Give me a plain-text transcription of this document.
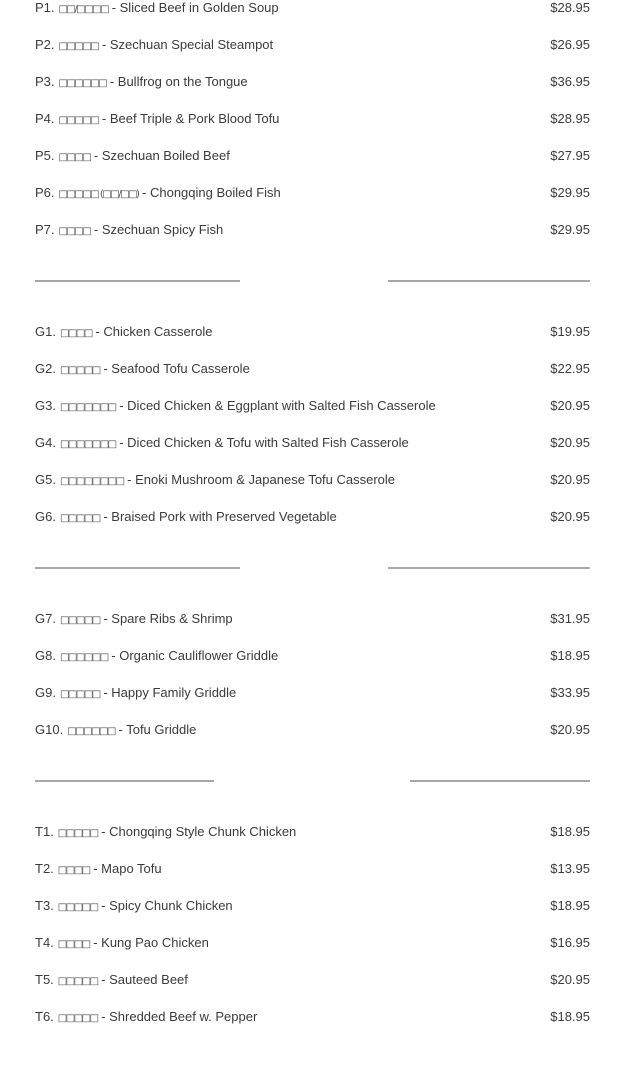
P1. □□/□□□□ - Sliced Beef in Golden Soup	$28.95
P2. □□□□□ - Szechuan Special Steampot	$26.95
P3. □□□□□□ - Bullfrog on the Tongue	$36.95
P4. □□□□□ - Beef Triple & Pork Blood Tofu	$28.95
P5. □□□□ - Szechuan Boiled Beef	$27.95
P6. □□□□□ (□□/□□) - Chongqing Boiled Fish	$29.95
P7. □□□□ - Szechuan Spicy Fish	$29.95
G1. □□□□ - Chicken Casserole	$19.95
G2. □□□□□ - Seafood Tofu Casserole	$22.95
G3. □□□□□□□ - Diced Chicken & Eggplant with Salted Fish Casserole	$20.95
G4. □□□□□□□ - Diced Chicken & Tofu with Salted Fish Casserole	$20.95
G5. □□□□□□□□ - Enoki Mushroom & Japanese Tofu Casserole	$20.95
G6. □□□□□ - Braised Pork with Preserved Vegetable	$20.95
G7. □□□□□ - Spare Ribs & Shrimp	$31.95
G8. □□□□□□ - Organic Cauliflower Griddle	$18.95
G9. □□□□□ - Happy Family Griddle	$33.95
G10. □□□□□□ - Tofu Griddle	$20.95
T1. □□□□□ - Chongqing Style Chunk Chicken	$18.95
T2. □□□□ - Mapo Tofu	$13.95
T3. □□□□□ - Spicy Chunk Chicken	$18.95
T4. □□□□ - Kung Pao Chicken	$16.95
T5. □□□□□ - Sauteed Beef	$20.95
T6. □□□□□ - Shredded Beef w. Pepper	$18.95
